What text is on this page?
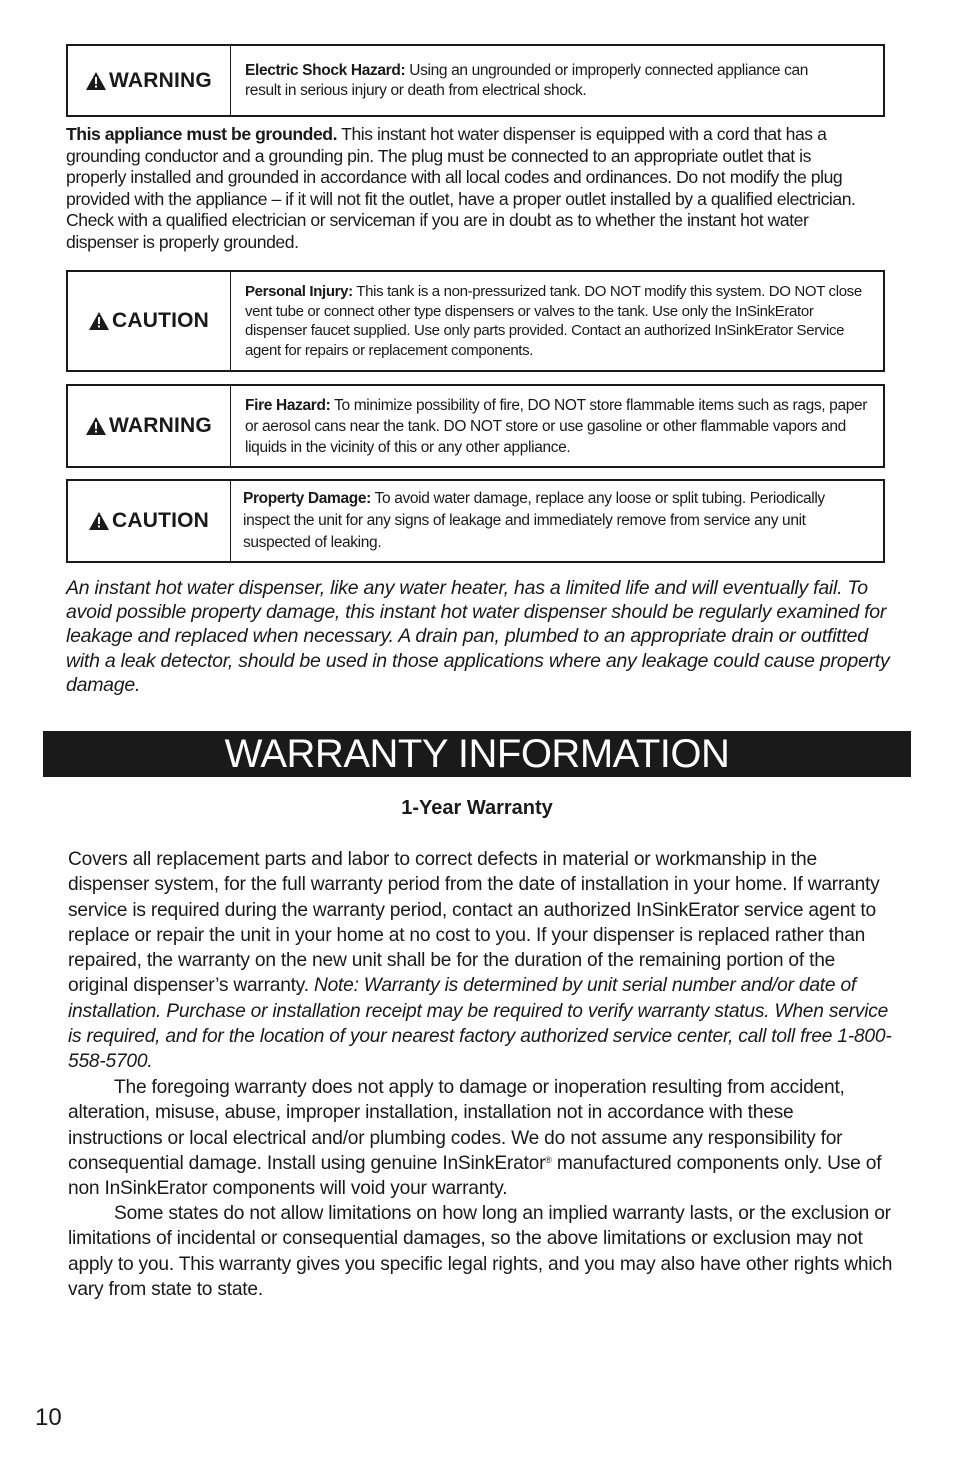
WARNING Electric Shock Hazard: Using an ungrounded or improperly connected appliance can result in serious injury or death from electrical shock.

This appliance must be grounded. This instant hot water dispenser is equipped with a cord that has a grounding conductor and a grounding pin. The plug must be connected to an appropriate outlet that is properly installed and grounded in accordance with all local codes and ordinances. Do not modify the plug provided with the appliance – if it will not fit the outlet, have a proper outlet installed by a qualified electrician. Check with a qualified electrician or serviceman if you are in doubt as to whether the instant hot water dispenser is properly grounded.

CAUTION
Personal Injury: This tank is a non-pressurized tank. DO NOT modify this system. DO NOT close vent tube or connect other type dispensers or valves to the tank. Use only the InSinkErator dispenser faucet supplied. Use only parts provided. Contact an authorized InSinkErator Service agent for repairs or replacement components.
WARNING
Fire Hazard: To minimize possibility of fire, DO NOT store flammable items such as rags, paper or aerosol cans near the tank. DO NOT store or use gasoline or other flammable vapors and liquids in the vicinity of this or any other appliance.
CAUTION
Property Damage: To avoid water damage, replace any loose or split tubing. Periodically inspect the unit for any signs of leakage and immediately remove from service any unit suspected of leaking.

An instant hot water dispenser, like any water heater, has a limited life and will eventually fail. To avoid possible property damage, this instant hot water dispenser should be regularly examined for leakage and replaced when necessary. A drain pan, plumbed to an appropriate drain or outfitted with a leak detector, should be used in those applications where any leakage could cause property damage.

WARRANTY INFORMATION
1-Year Warranty

Covers all replacement parts and labor to correct defects in material or workmanship in the dispenser system, for the full warranty period from the date of installation in your home. If warranty service is required during the warranty period, contact an authorized InSinkErator service agent to replace or repair the unit in your home at no cost to you. If your dispenser is replaced rather than repaired, the warranty on the new unit shall be for the duration of the remaining portion of the original dispenser’s warranty. Note: Warranty is determined by unit serial number and/or date of installation. Purchase or installation receipt may be required to verify warranty status. When service is required, and for the location of your nearest factory authorized service center, call toll free 1-800-558-5700.

The foregoing warranty does not apply to damage or inoperation resulting from accident, alteration, misuse, abuse, improper installation, installation not in accordance with these instructions or local electrical and/or plumbing codes. We do not assume any responsibility for consequential damage. Install using genuine InSinkErator® manufactured components only. Use of non InSinkErator components will void your warranty.

Some states do not allow limitations on how long an implied warranty lasts, or the exclusion or limitations of incidental or consequential damages, so the above limitations or exclusion may not apply to you. This warranty gives you specific legal rights, and you may also have other rights which vary from state to state.

10
